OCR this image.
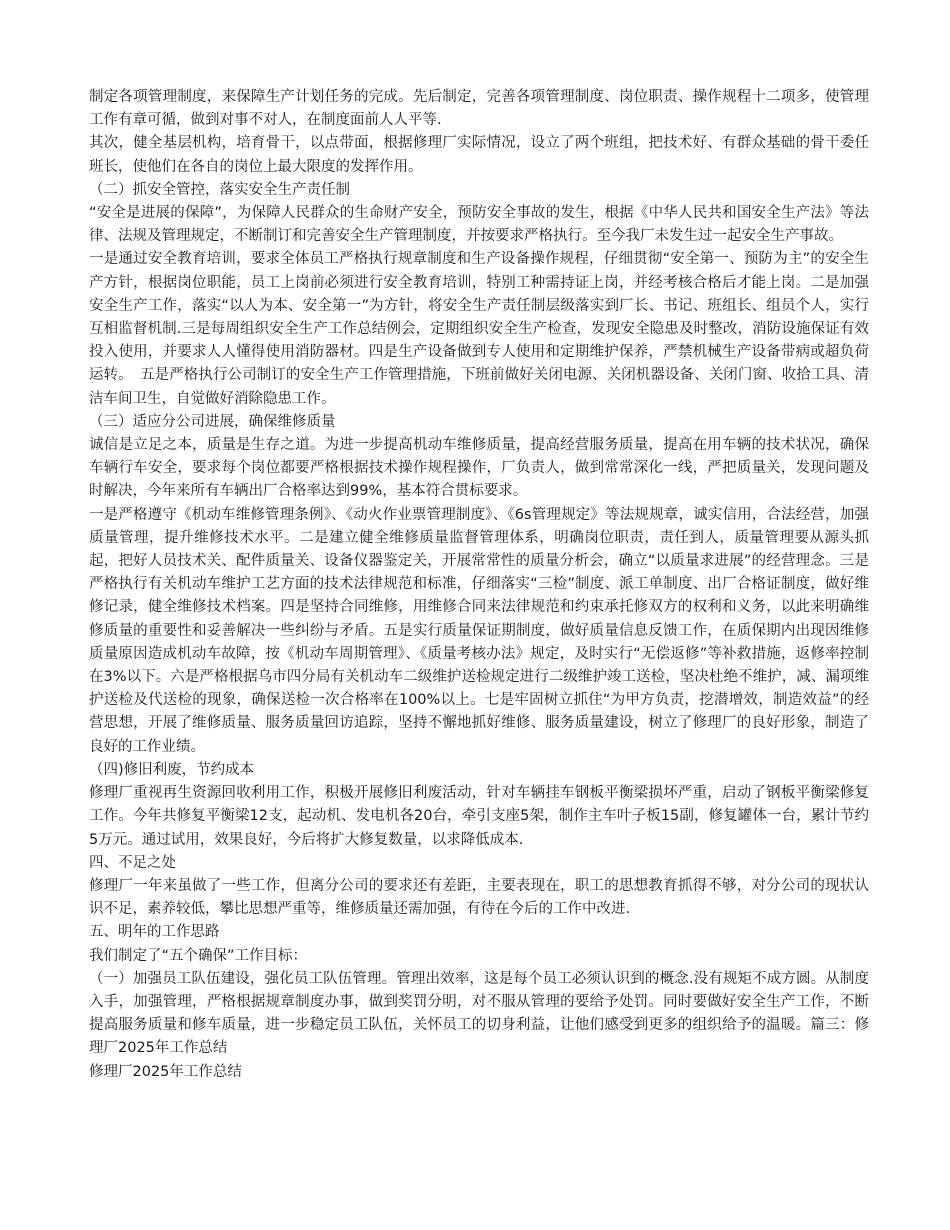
制定各项管理制度，来保障生产计划任务的完成。先后制定，完善各项管理制度、岗位职责、操作规程十二项多，使管理工作有章可循，做到对事不对人，在制度面前人人平等.

其次，健全基层机构，培育骨干，以点带面，根据修理厂实际情况，设立了两个班组，把技术好、有群众基础的骨干委任班长，使他们在各自的岗位上最大限度的发挥作用。

（二）抓安全管控，落实安全生产责任制

“安全是进展的保障”，为保障人民群众的生命财产安全，预防安全事故的发生，根据《中华人民共和国安全生产法》等法律、法规及管理规定，不断制订和完善安全生产管理制度，并按要求严格执行。至今我厂未发生过一起安全生产事故。

一是通过安全教育培训，要求全体员工严格执行规章制度和生产设备操作规程，仔细贯彻“安全第一、预防为主”的安全生产方针，根据岗位职能，员工上岗前必须进行安全教育培训，特别工种需持证上岗，并经考核合格后才能上岗。二是加强安全生产工作，落实“以人为本、安全第一”为方针，将安全生产责任制层级落实到厂长、书记、班组长、组员个人，实行互相监督机制.三是每周组织安全生产工作总结例会，定期组织安全生产检查，发现安全隐患及时整改，消防设施保证有效投入使用，并要求人人懂得使用消防器材。四是生产设备做到专人使用和定期维护保养，严禁机械生产设备带病或超负荷运转。　五是严格执行公司制订的安全生产工作管理措施，下班前做好关闭电源、关闭机器设备、关闭门窗、收拾工具、清洁车间卫生，自觉做好消除隐患工作。

（三）适应分公司进展，确保维修质量

诚信是立足之本，质量是生存之道。为进一步提高机动车维修质量，提高经营服务质量，提高在用车辆的技术状况，确保车辆行车安全，要求每个岗位都要严格根据技术操作规程操作，厂负责人，做到常常深化一线，严把质量关，发现问题及时解决，今年来所有车辆出厂合格率达到99%，基本符合贯标要求。

一是严格遵守《机动车维修管理条例》、《动火作业票管理制度》、《6s管理规定》等法规规章，诚实信用，合法经营，加强质量管理，提升维修技术水平。二是建立健全维修质量监督管理体系，明确岗位职责，责任到人，质量管理要从源头抓起，把好人员技术关、配件质量关、设备仪器鉴定关，开展常常性的质量分析会，确立“以质量求进展”的经营理念。三是严格执行有关机动车维护工艺方面的技术法律规范和标准，仔细落实“三检”制度、派工单制度、出厂合格证制度，做好维修记录，健全维修技术档案。四是坚持合同维修，用维修合同来法律规范和约束承托修双方的权利和义务，以此来明确维修质量的重要性和妥善解决一些纠纷与矛盾。五是实行质量保证期制度，做好质量信息反馈工作，在质保期内出现因维修质量原因造成机动车故障，按《机动车周期管理》、《质量考核办法》规定，及时实行“无偿返修”等补救措施，返修率控制在3%以下。六是严格根据乌市四分局有关机动车二级维护送检规定进行二级维护竣工送检，坚决杜绝不维护，减、漏项维护送检及代送检的现象，确保送检一次合格率在100%以上。七是牢固树立抓住“为甲方负责，挖潜增效，制造效益”的经营思想，开展了维修质量、服务质量回访追踪，坚持不懈地抓好维修、服务质量建设，树立了修理厂的良好形象，制造了良好的工作业绩。

（四)修旧利废，节约成本

修理厂重视再生资源回收利用工作，积极开展修旧利废活动，针对车辆挂车钢板平衡梁损坏严重，启动了钢板平衡梁修复工作。今年共修复平衡梁12支，起动机、发电机各20台，牵引支座5架，制作主车叶子板15副，修复罐体一台，累计节约5万元。通过试用，效果良好，今后将扩大修复数量，以求降低成本.

四、不足之处

修理厂一年来虽做了一些工作，但离分公司的要求还有差距，主要表现在，职工的思想教育抓得不够，对分公司的现状认识不足，素养较低，攀比思想严重等，维修质量还需加强，有待在今后的工作中改进.

五、明年的工作思路

我们制定了“五个确保”工作目标：

（一）加强员工队伍建设，强化员工队伍管理。管理出效率，这是每个员工必须认识到的概念.没有规矩不成方圆。从制度入手，加强管理，严格根据规章制度办事，做到奖罚分明，对不服从管理的要给予处罚。同时要做好安全生产工作，不断提高服务质量和修车质量，进一步稳定员工队伍，关怀员工的切身利益，让他们感受到更多的组织给予的温暖。篇三：修理厂2025年工作总结

修理厂2025年工作总结
